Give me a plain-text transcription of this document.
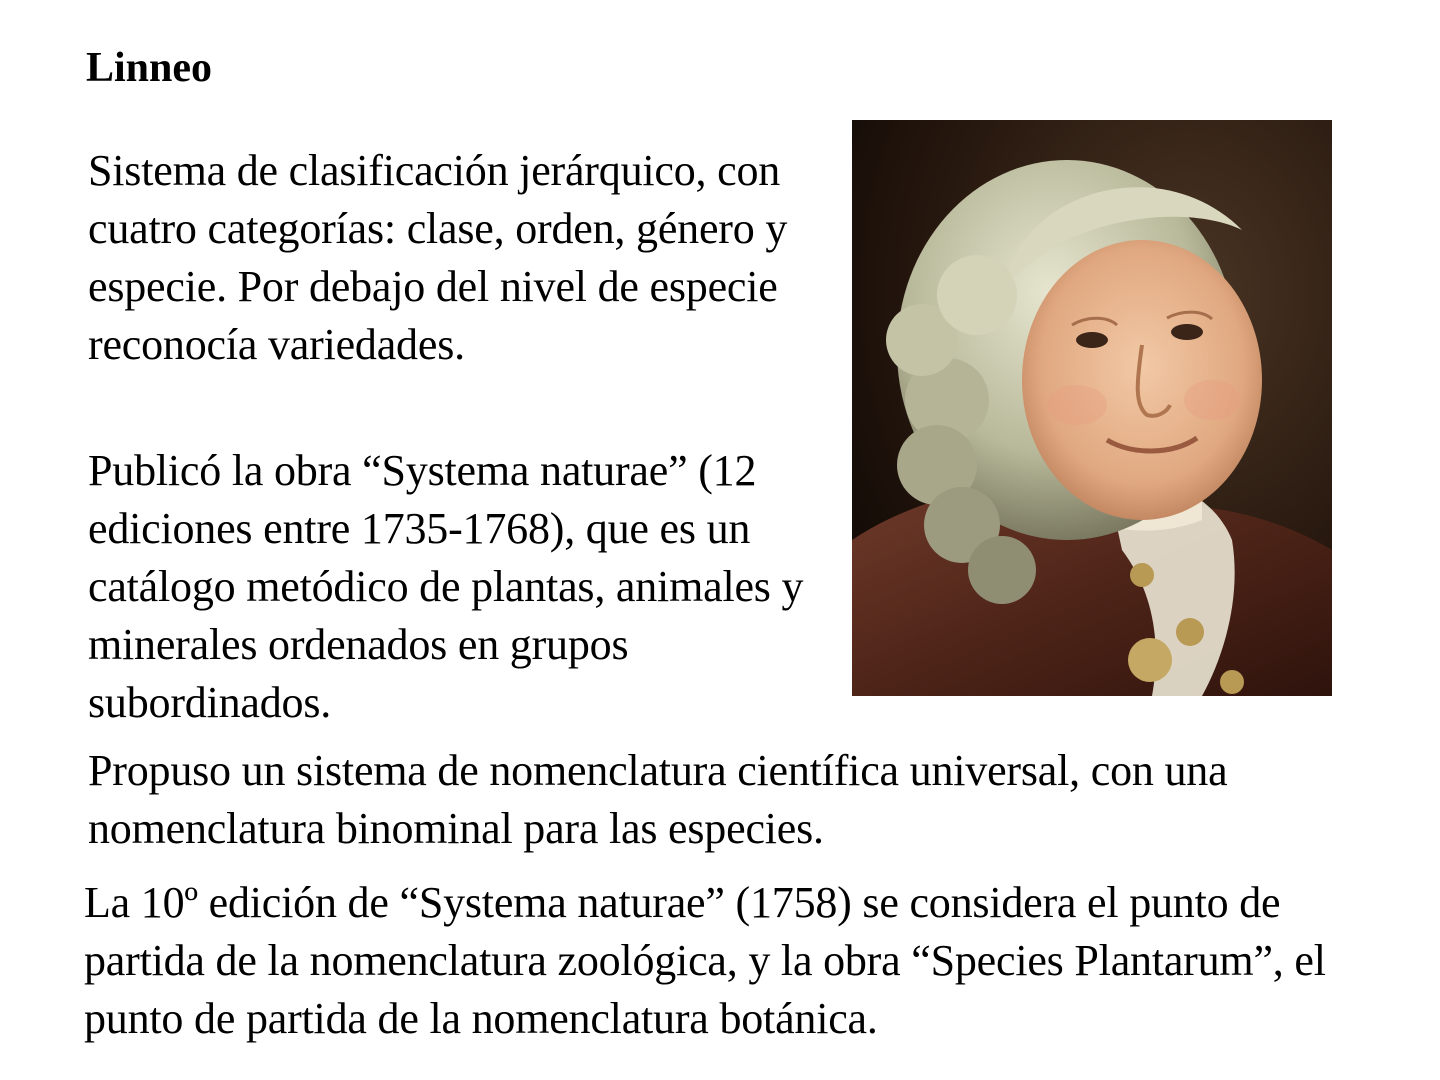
Linneo

Sistema de clasificación jerárquico, con cuatro categorías: clase, orden, género y especie. Por debajo del nivel de especie reconocía variedades.

Publicó la obra “Systema naturae” (12 ediciones entre 1735-1768), que es un catálogo metódico de plantas, animales y minerales ordenados en grupos subordinados.

Propuso un sistema de nomenclatura científica universal, con una nomenclatura binominal para las especies.

La 10º edición de “Systema naturae” (1758) se considera el punto de partida de la nomenclatura zoológica, y la obra “Species Plantarum”, el punto de partida de la nomenclatura botánica.
